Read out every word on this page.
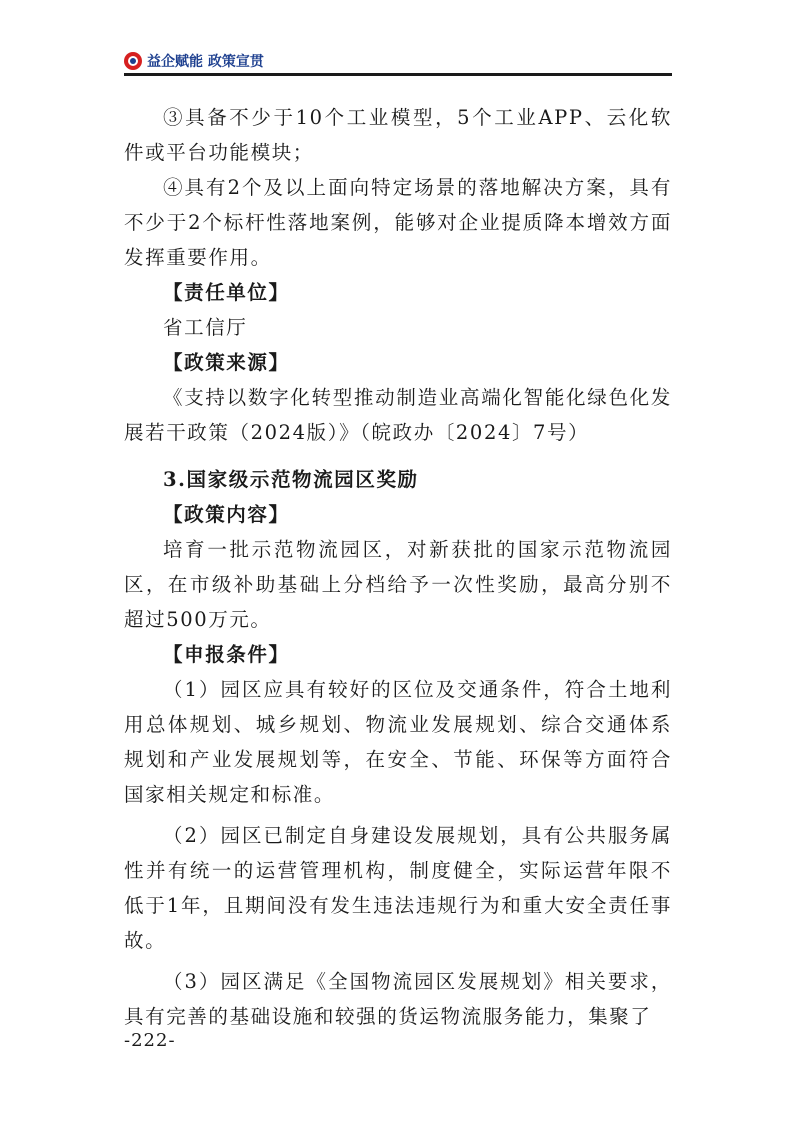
益企赋能 政策宣贯

③具备不少于10个工业模型，5个工业APP、云化软件或平台功能模块；

④具有2个及以上面向特定场景的落地解决方案，具有不少于2个标杆性落地案例，能够对企业提质降本增效方面发挥重要作用。

【责任单位】

省工信厅

【政策来源】

《支持以数字化转型推动制造业高端化智能化绿色化发展若干政策（2024版）》（皖政办〔2024〕7号）

3.国家级示范物流园区奖励

【政策内容】

培育一批示范物流园区，对新获批的国家示范物流园区，在市级补助基础上分档给予一次性奖励，最高分别不超过500万元。

【申报条件】

（1）园区应具有较好的区位及交通条件，符合土地利用总体规划、城乡规划、物流业发展规划、综合交通体系规划和产业发展规划等，在安全、节能、环保等方面符合国家相关规定和标准。

（2）园区已制定自身建设发展规划，具有公共服务属性并有统一的运营管理机构，制度健全，实际运营年限不低于1年，且期间没有发生违法违规行为和重大安全责任事故。

（3）园区满足《全国物流园区发展规划》相关要求，具有完善的基础设施和较强的货运物流服务能力，集聚了

-222-
